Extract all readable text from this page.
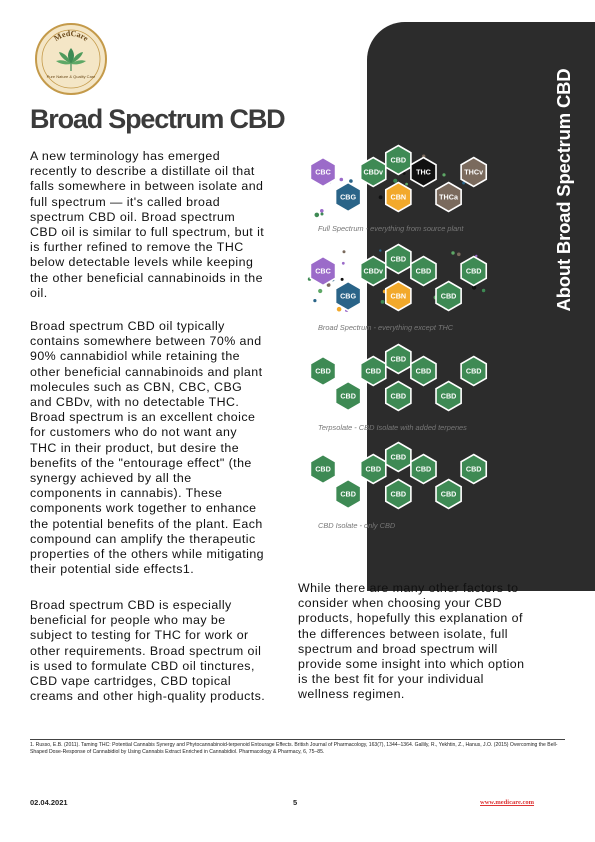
About Broad Spectrum CBD
MedCare
Pure Nature & Quality Care
Broad Spectrum CBD

A new terminology has emerged recently to describe a distillate oil that falls somewhere in between isolate and full spectrum — it's called broad spectrum CBD oil. Broad spectrum CBD oil is similar to full spectrum, but it is further refined to remove the THC below detectable levels while keeping the other beneficial cannabinoids in the oil.

Broad spectrum CBD oil typically contains somewhere between 70% and 90% cannabidiol while retaining the other beneficial cannabinoids and plant molecules such as CBN, CBC, CBG and CBDv, with no detectable THC.
Broad spectrum is an excellent choice for customers who do not want any THC in their product, but desire the benefits of the "entourage effect" (the synergy achieved by all the components in cannabis). These components work together to enhance the potential benefits of the plant. Each compound can amplify the therapeutic properties of the others while mitigating their potential side effects1.

Broad spectrum CBD is especially beneficial for people who may be subject to testing for THC for work or other requirements. Broad spectrum oil is used to formulate CBD oil tinctures, CBD vape cartridges, CBD topical creams and other high-quality products.

While there are many other factors to consider when choosing your CBD products, hopefully this explanation of the differences between isolate, full spectrum and broad spectrum will provide some insight into which option is the best fit for your individual wellness regimen.

CBC
CBG
CBDv
CBD
CBN
THC
THCa
THCv
Full Spectrum - everything from source plant
CBC
CBG
CBDv
CBD
CBN
CBD
CBD
CBD
Broad Spectrum - everything except THC
CBD
CBD
CBD
CBD
CBD
CBD
CBD
CBD
Terpsolate - CBD Isolate with added terpenes
CBD
CBD
CBD
CBD
CBD
CBD
CBD
CBD
CBD Isolate - only CBD

1. Russo, E.B. (2011). Taming THC: Potential Cannabis Synergy and Phytocannabinoid-terpenoid Entourage Effects. British Journal of Pharmacology, 163(7), 1344–1364. Gallily, R., Yekhtin, Z., Hanus, J.O. (2015) Overcoming the Bell-Shaped Dose-Response of Cannabidiol by Using Cannabis Extract Enriched in Cannabidiol. Pharmacology & Pharmacy, 6, 75–85.

02.04.2021	5	www.medicare.com
